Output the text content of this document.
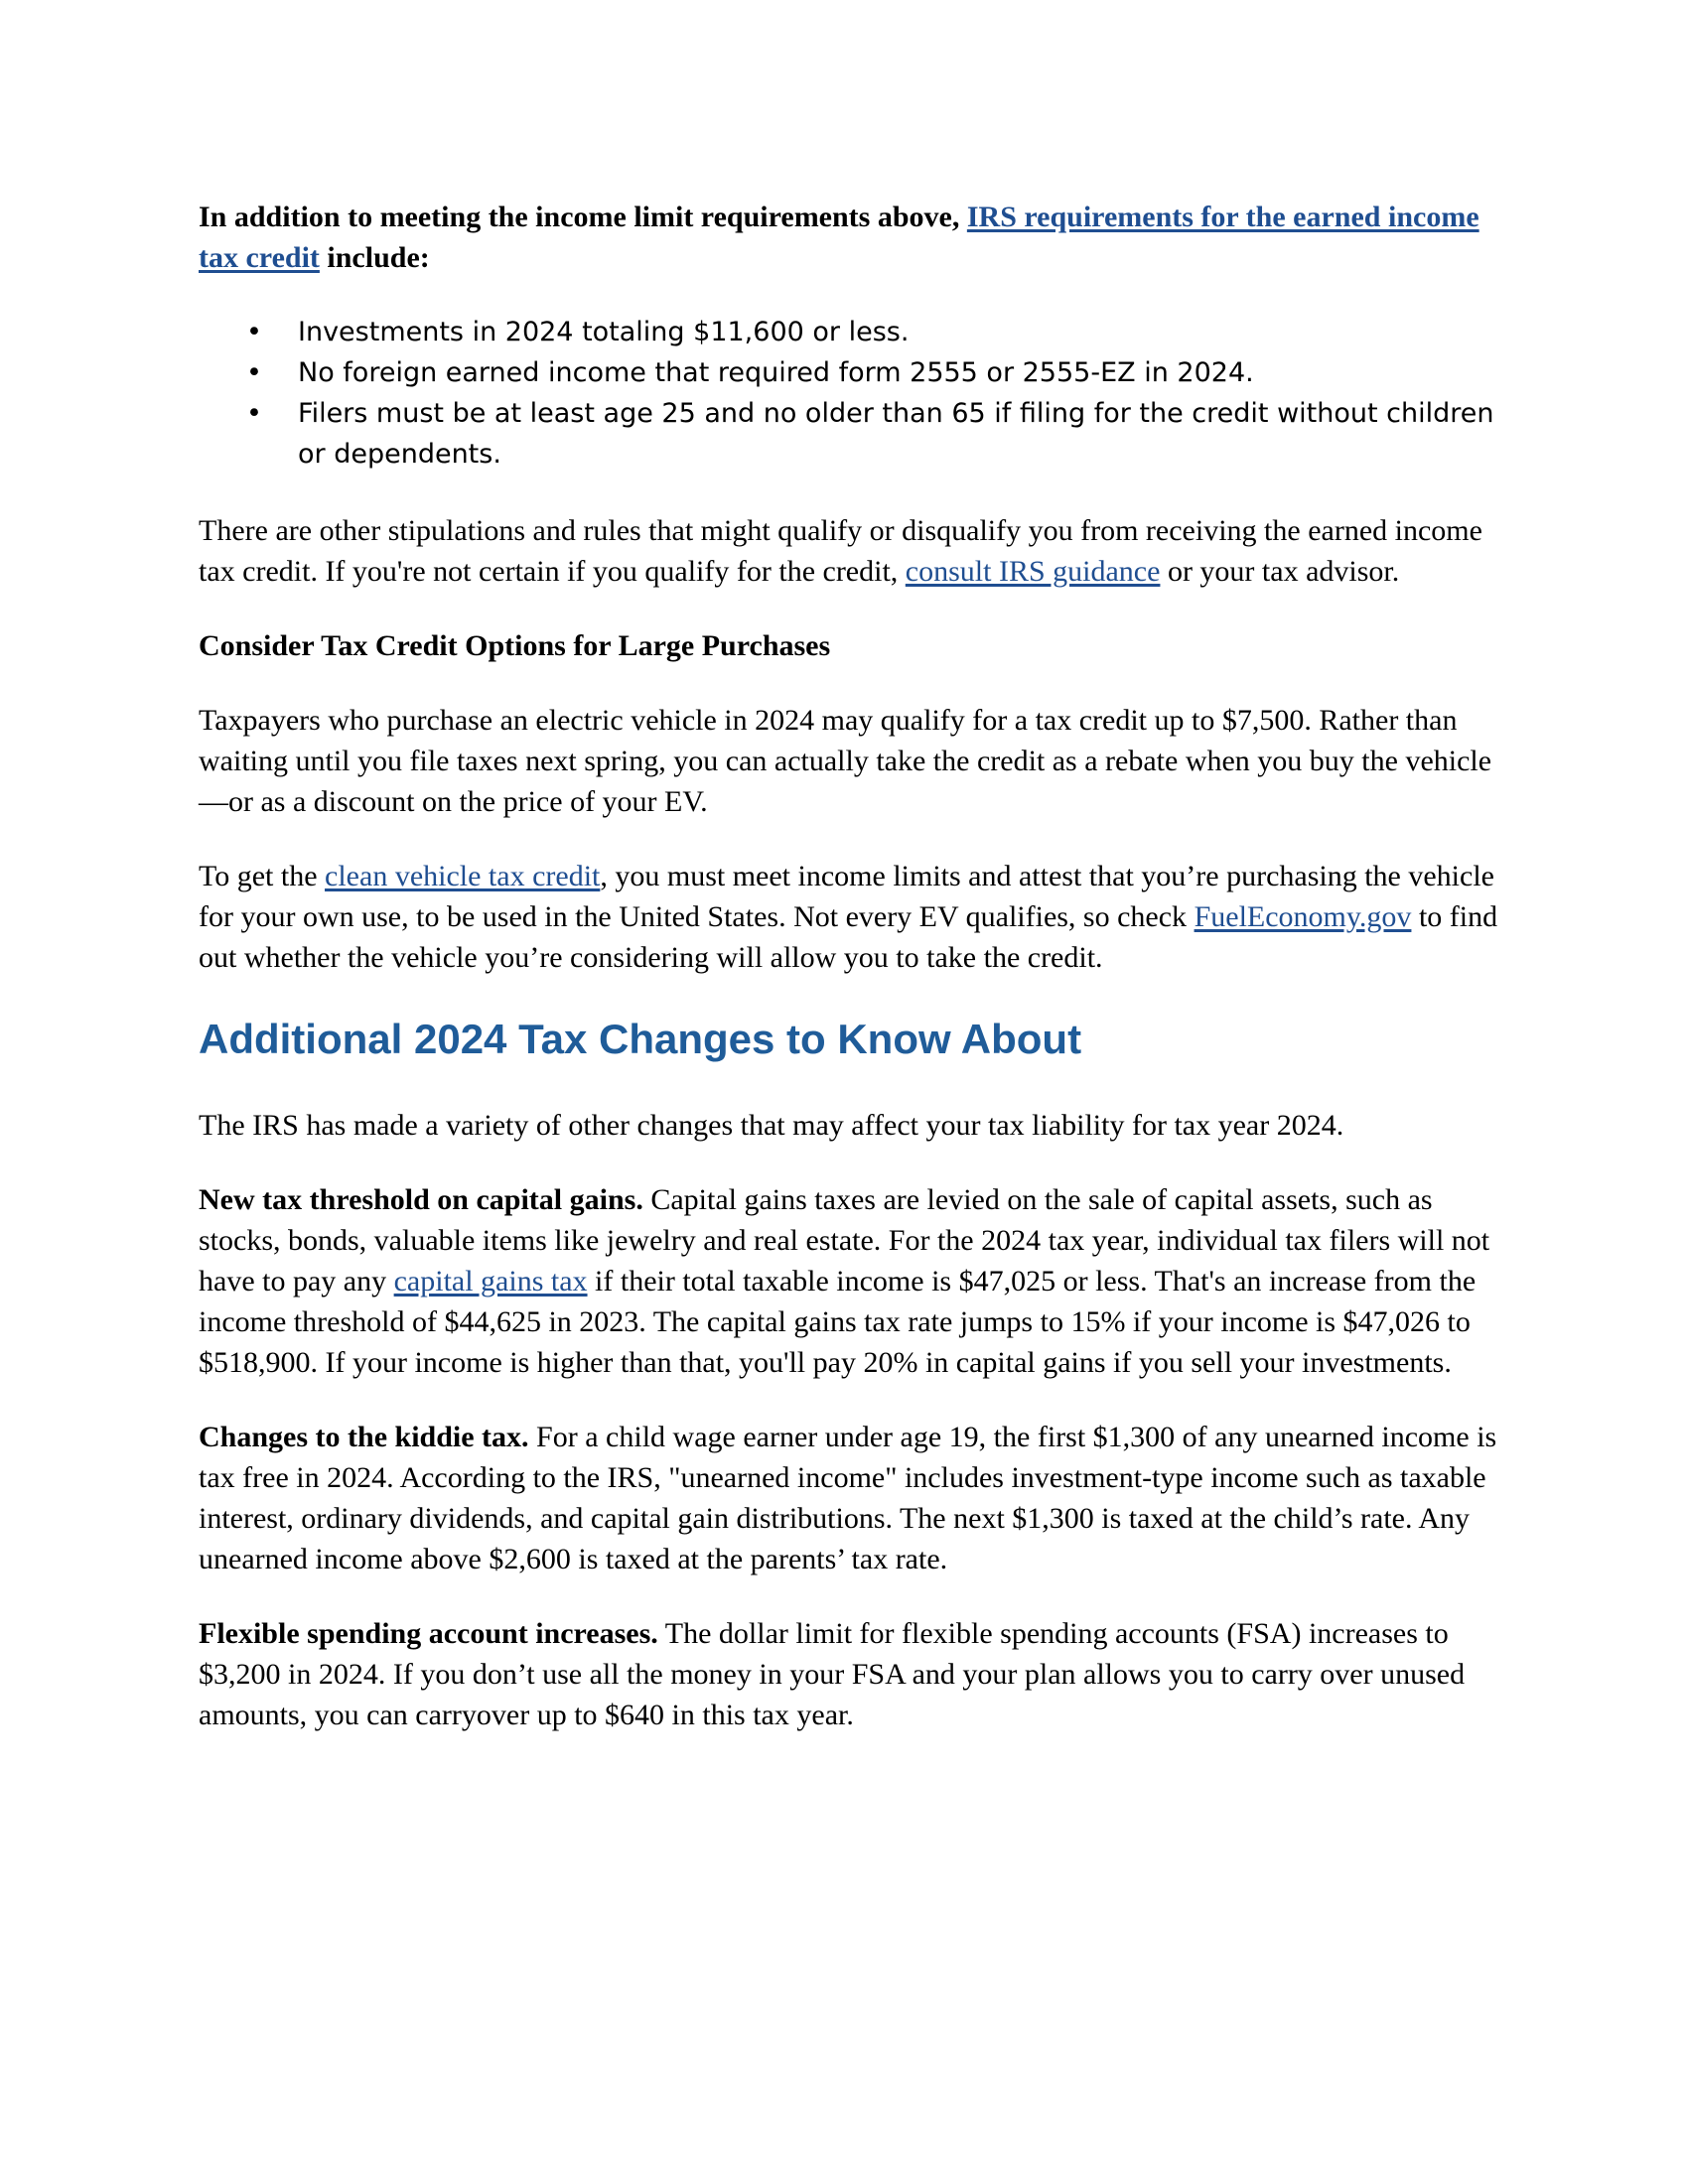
In addition to meeting the income limit requirements above, IRS requirements for the earned income tax credit include:

• Investments in 2024 totaling $11,600 or less.
• No foreign earned income that required form 2555 or 2555-EZ in 2024.
• Filers must be at least age 25 and no older than 65 if filing for the credit without children or dependents.

There are other stipulations and rules that might qualify or disqualify you from receiving the earned income tax credit. If you're not certain if you qualify for the credit, consult IRS guidance or your tax advisor.

Consider Tax Credit Options for Large Purchases

Taxpayers who purchase an electric vehicle in 2024 may qualify for a tax credit up to $7,500. Rather than waiting until you file taxes next spring, you can actually take the credit as a rebate when you buy the vehicle—or as a discount on the price of your EV.

To get the clean vehicle tax credit, you must meet income limits and attest that you’re purchasing the vehicle for your own use, to be used in the United States. Not every EV qualifies, so check FuelEconomy.gov to find out whether the vehicle you’re considering will allow you to take the credit.

Additional 2024 Tax Changes to Know About

The IRS has made a variety of other changes that may affect your tax liability for tax year 2024.

New tax threshold on capital gains. Capital gains taxes are levied on the sale of capital assets, such as stocks, bonds, valuable items like jewelry and real estate. For the 2024 tax year, individual tax filers will not have to pay any capital gains tax if their total taxable income is $47,025 or less. That's an increase from the income threshold of $44,625 in 2023. The capital gains tax rate jumps to 15% if your income is $47,026 to $518,900. If your income is higher than that, you'll pay 20% in capital gains if you sell your investments.

Changes to the kiddie tax. For a child wage earner under age 19, the first $1,300 of any unearned income is tax free in 2024. According to the IRS, "unearned income" includes investment-type income such as taxable interest, ordinary dividends, and capital gain distributions. The next $1,300 is taxed at the child’s rate. Any unearned income above $2,600 is taxed at the parents’ tax rate.

Flexible spending account increases. The dollar limit for flexible spending accounts (FSA) increases to $3,200 in 2024. If you don’t use all the money in your FSA and your plan allows you to carry over unused amounts, you can carryover up to $640 in this tax year.
